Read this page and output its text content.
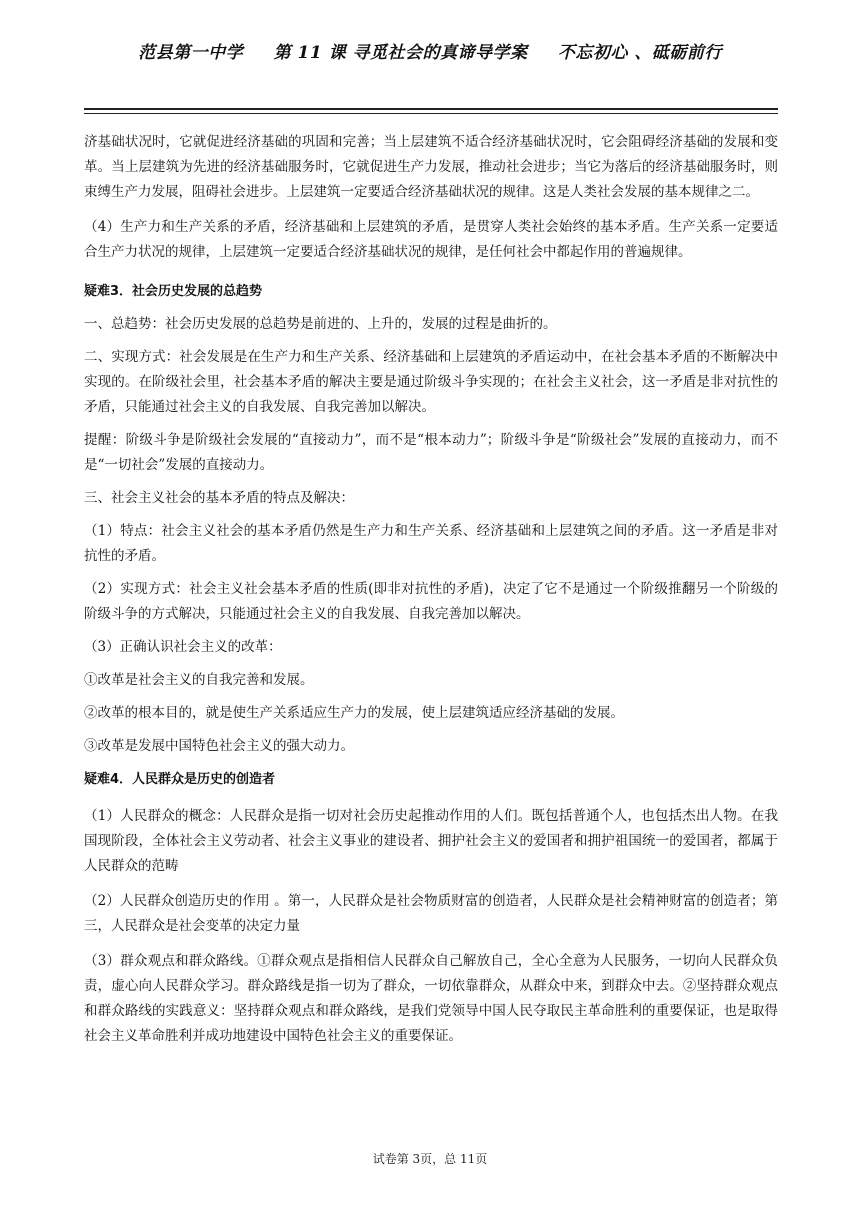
范县第一中学 第 11 课 寻觅社会的真谛导学案 不忘初心 、砥砺前行

济基础状况时，它就促进经济基础的巩固和完善；当上层建筑不适合经济基础状况时，它会阻碍经济基础的发展和变革。当上层建筑为先进的经济基础服务时，它就促进生产力发展，推动社会进步；当它为落后的经济基础服务时，则束缚生产力发展，阻碍社会进步。上层建筑一定要适合经济基础状况的规律。这是人类社会发展的基本规律之二。

（4）生产力和生产关系的矛盾，经济基础和上层建筑的矛盾，是贯穿人类社会始终的基本矛盾。生产关系一定要适合生产力状况的规律，上层建筑一定要适合经济基础状况的规律，是任何社会中都起作用的普遍规律。

疑难3．社会历史发展的总趋势

一、总趋势：社会历史发展的总趋势是前进的、上升的，发展的过程是曲折的。

二、实现方式：社会发展是在生产力和生产关系、经济基础和上层建筑的矛盾运动中，在社会基本矛盾的不断解决中实现的。在阶级社会里，社会基本矛盾的解决主要是通过阶级斗争实现的；在社会主义社会，这一矛盾是非对抗性的矛盾，只能通过社会主义的自我发展、自我完善加以解决。

提醒：阶级斗争是阶级社会发展的“直接动力”，而不是“根本动力”；阶级斗争是“阶级社会”发展的直接动力，而不是“一切社会”发展的直接动力。

三、社会主义社会的基本矛盾的特点及解决：

（1）特点：社会主义社会的基本矛盾仍然是生产力和生产关系、经济基础和上层建筑之间的矛盾。这一矛盾是非对抗性的矛盾。

（2）实现方式：社会主义社会基本矛盾的性质(即非对抗性的矛盾)，决定了它不是通过一个阶级推翻另一个阶级的阶级斗争的方式解决，只能通过社会主义的自我发展、自我完善加以解决。

（3）正确认识社会主义的改革：

①改革是社会主义的自我完善和发展。

②改革的根本目的，就是使生产关系适应生产力的发展，使上层建筑适应经济基础的发展。

③改革是发展中国特色社会主义的强大动力。

疑难4．人民群众是历史的创造者

（1）人民群众的概念：人民群众是指一切对社会历史起推动作用的人们。既包括普通个人，也包括杰出人物。在我国现阶段，全体社会主义劳动者、社会主义事业的建设者、拥护社会主义的爱国者和拥护祖国统一的爱国者，都属于人民群众的范畴

（2）人民群众创造历史的作用 。第一，人民群众是社会物质财富的创造者，人民群众是社会精神财富的创造者；第三，人民群众是社会变革的决定力量

（3）群众观点和群众路线。①群众观点是指相信人民群众自己解放自己，全心全意为人民服务，一切向人民群众负责，虚心向人民群众学习。群众路线是指一切为了群众，一切依靠群众，从群众中来，到群众中去。②坚持群众观点和群众路线的实践意义：坚持群众观点和群众路线，是我们党领导中国人民夺取民主革命胜利的重要保证，也是取得社会主义革命胜利并成功地建设中国特色社会主义的重要保证。

试卷第 3页，总 11页
